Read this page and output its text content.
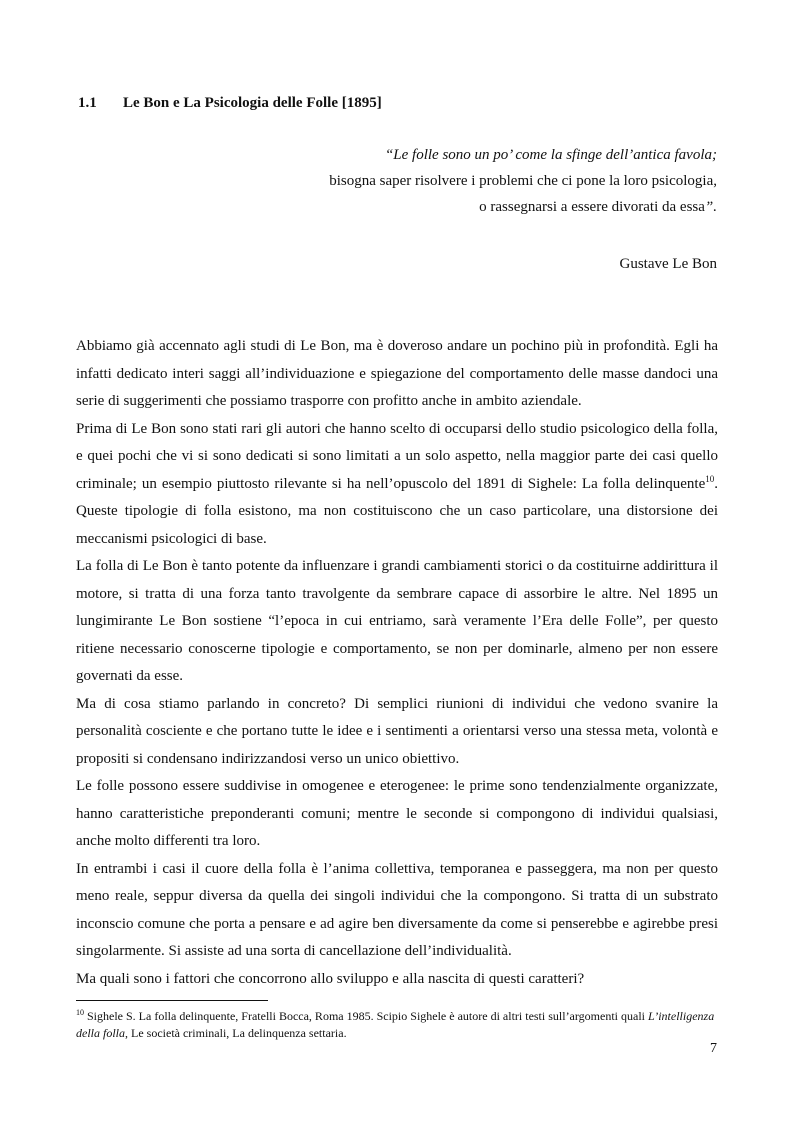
1.1 Le Bon e La Psicologia delle Folle [1895]
“Le folle sono un po’ come la sfinge dell’antica favola;
bisogna saper risolvere i problemi che ci pone la loro psicologia,
o rassegnarsi a essere divorati da essa”.
Gustave Le Bon

Abbiamo già accennato agli studi di Le Bon, ma è doveroso andare un pochino più in profondità. Egli ha infatti dedicato interi saggi all’individuazione e spiegazione del comportamento delle masse dandoci una serie di suggerimenti che possiamo trasporre con profitto anche in ambito aziendale.

Prima di Le Bon sono stati rari gli autori che hanno scelto di occuparsi dello studio psicologico della folla, e quei pochi che vi si sono dedicati si sono limitati a un solo aspetto, nella maggior parte dei casi quello criminale; un esempio piuttosto rilevante si ha nell’opuscolo del 1891 di Sighele: La folla delinquente$^{10}$. Queste tipologie di folla esistono, ma non costituiscono che un caso particolare, una distorsione dei meccanismi psicologici di base.

La folla di Le Bon è tanto potente da influenzare i grandi cambiamenti storici o da costituirne addirittura il motore, si tratta di una forza tanto travolgente da sembrare capace di assorbire le altre. Nel 1895 un lungimirante Le Bon sostiene “l’epoca in cui entriamo, sarà veramente l’Era delle Folle”, per questo ritiene necessario conoscerne tipologie e comportamento, se non per dominarle, almeno per non essere governati da esse.

Ma di cosa stiamo parlando in concreto? Di semplici riunioni di individui che vedono svanire la personalità cosciente e che portano tutte le idee e i sentimenti a orientarsi verso una stessa meta, volontà e propositi si condensano indirizzandosi verso un unico obiettivo.

Le folle possono essere suddivise in omogenee e eterogenee: le prime sono tendenzialmente organizzate, hanno caratteristiche preponderanti comuni; mentre le seconde si compongono di individui qualsiasi, anche molto differenti tra loro.

In entrambi i casi il cuore della folla è l’anima collettiva, temporanea e passeggera, ma non per questo meno reale, seppur diversa da quella dei singoli individui che la compongono. Si tratta di un substrato inconscio comune che porta a pensare e ad agire ben diversamente da come si penserebbe e agirebbe presi singolarmente. Si assiste ad una sorta di cancellazione dell’individualità.

Ma quali sono i fattori che concorrono allo sviluppo e alla nascita di questi caratteri?

$^{10}$ Sighele S. La folla delinquente, Fratelli Bocca, Roma 1985. Scipio Sighele è autore di altri testi sull’argomenti quali L’intelligenza della folla, Le società criminali, La delinquenza settaria.
7
